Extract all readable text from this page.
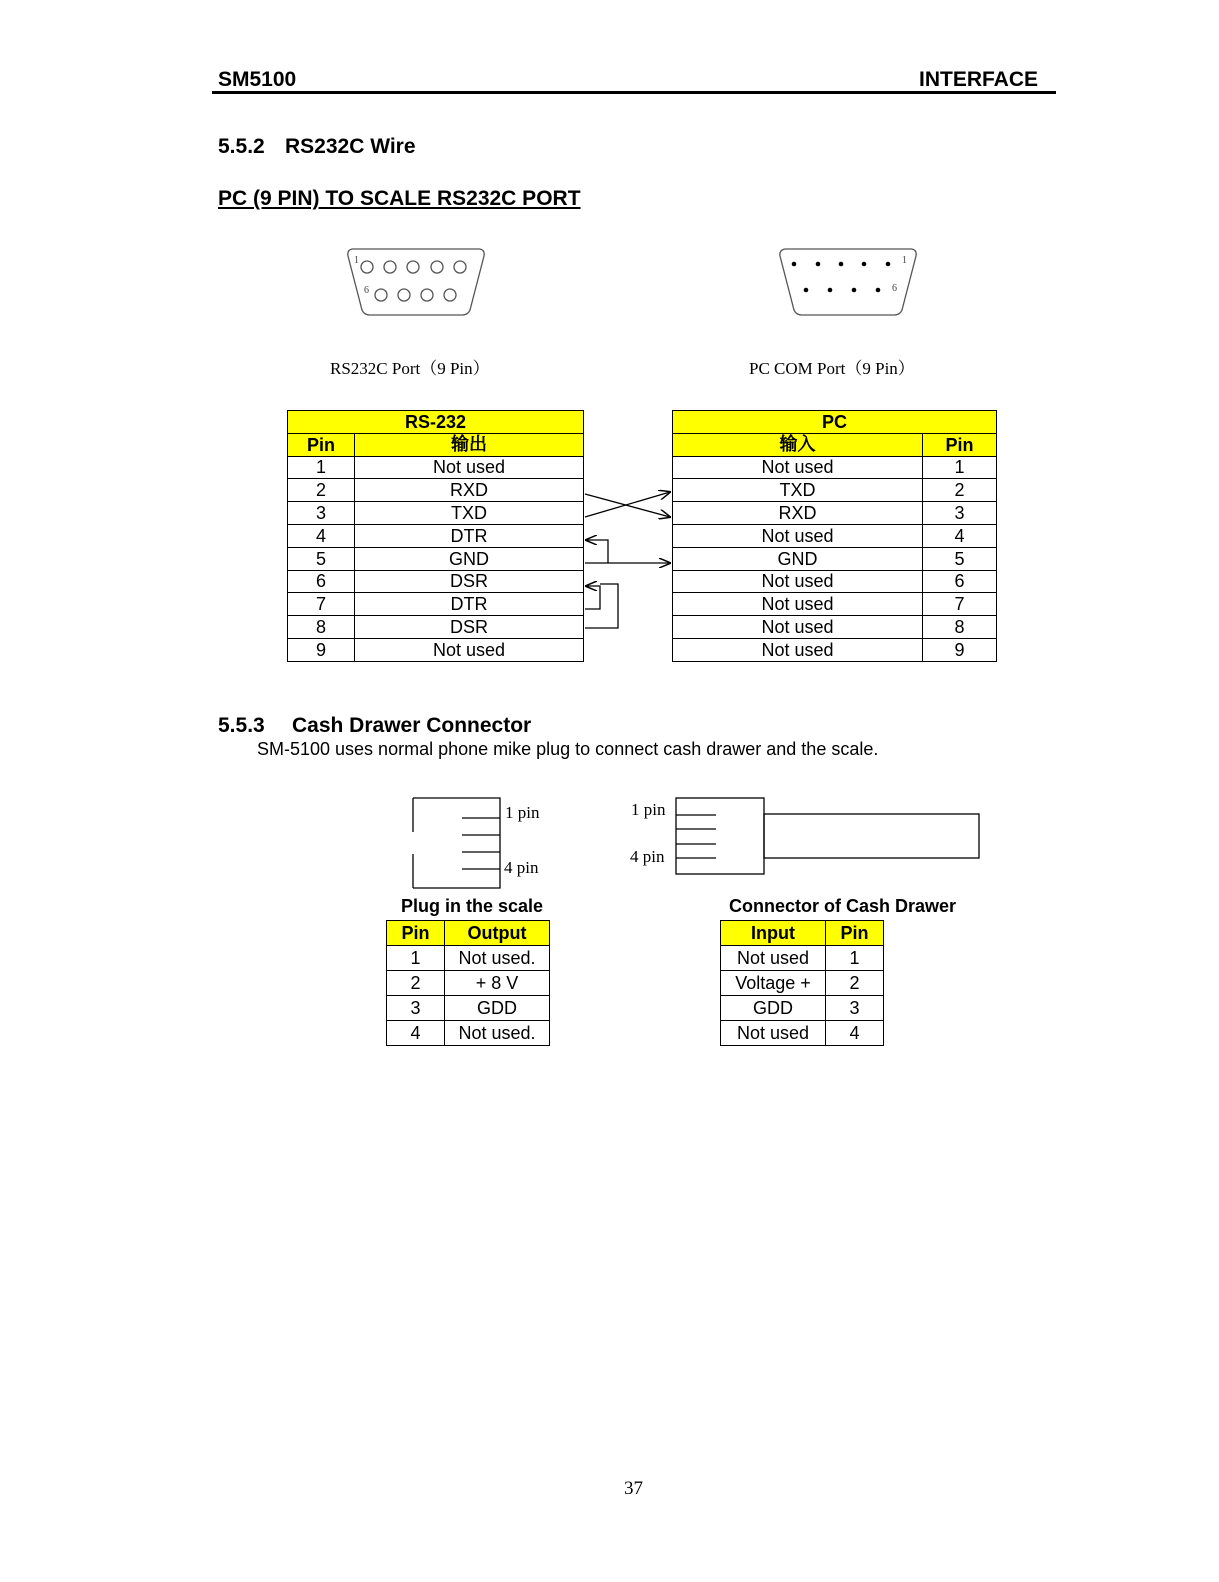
SM5100	INTERFACE
5.5.2 RS232C Wire
PC (9 PIN) TO SCALE RS232C PORT
1
6
1
6
RS232C Port（9 Pin）	PC COM Port（9 Pin）
RS-232	
Pin	输出
1	Not used
2	RXD
3	TXD
4	DTR
5	GND
6	DSR
7	DTR
8	DSR
9	Not used
PC	
输入	Pin
Not used	1
TXD	2
RXD	3
Not used	4
GND	5
Not used	6
Not used	7
Not used	8
Not used	9
5.5.3 Cash Drawer Connector
SM-5100 uses normal phone mike plug to connect cash drawer and the scale.
1 pin
4 pin
1 pin
4 pin
Plug in the scale	Connector of Cash Drawer
Pin	Output
1	Not used.
2	+ 8 V
3	GDD
4	Not used.
Input	Pin
Not used	1
Voltage +	2
GDD	3
Not used	4
37
